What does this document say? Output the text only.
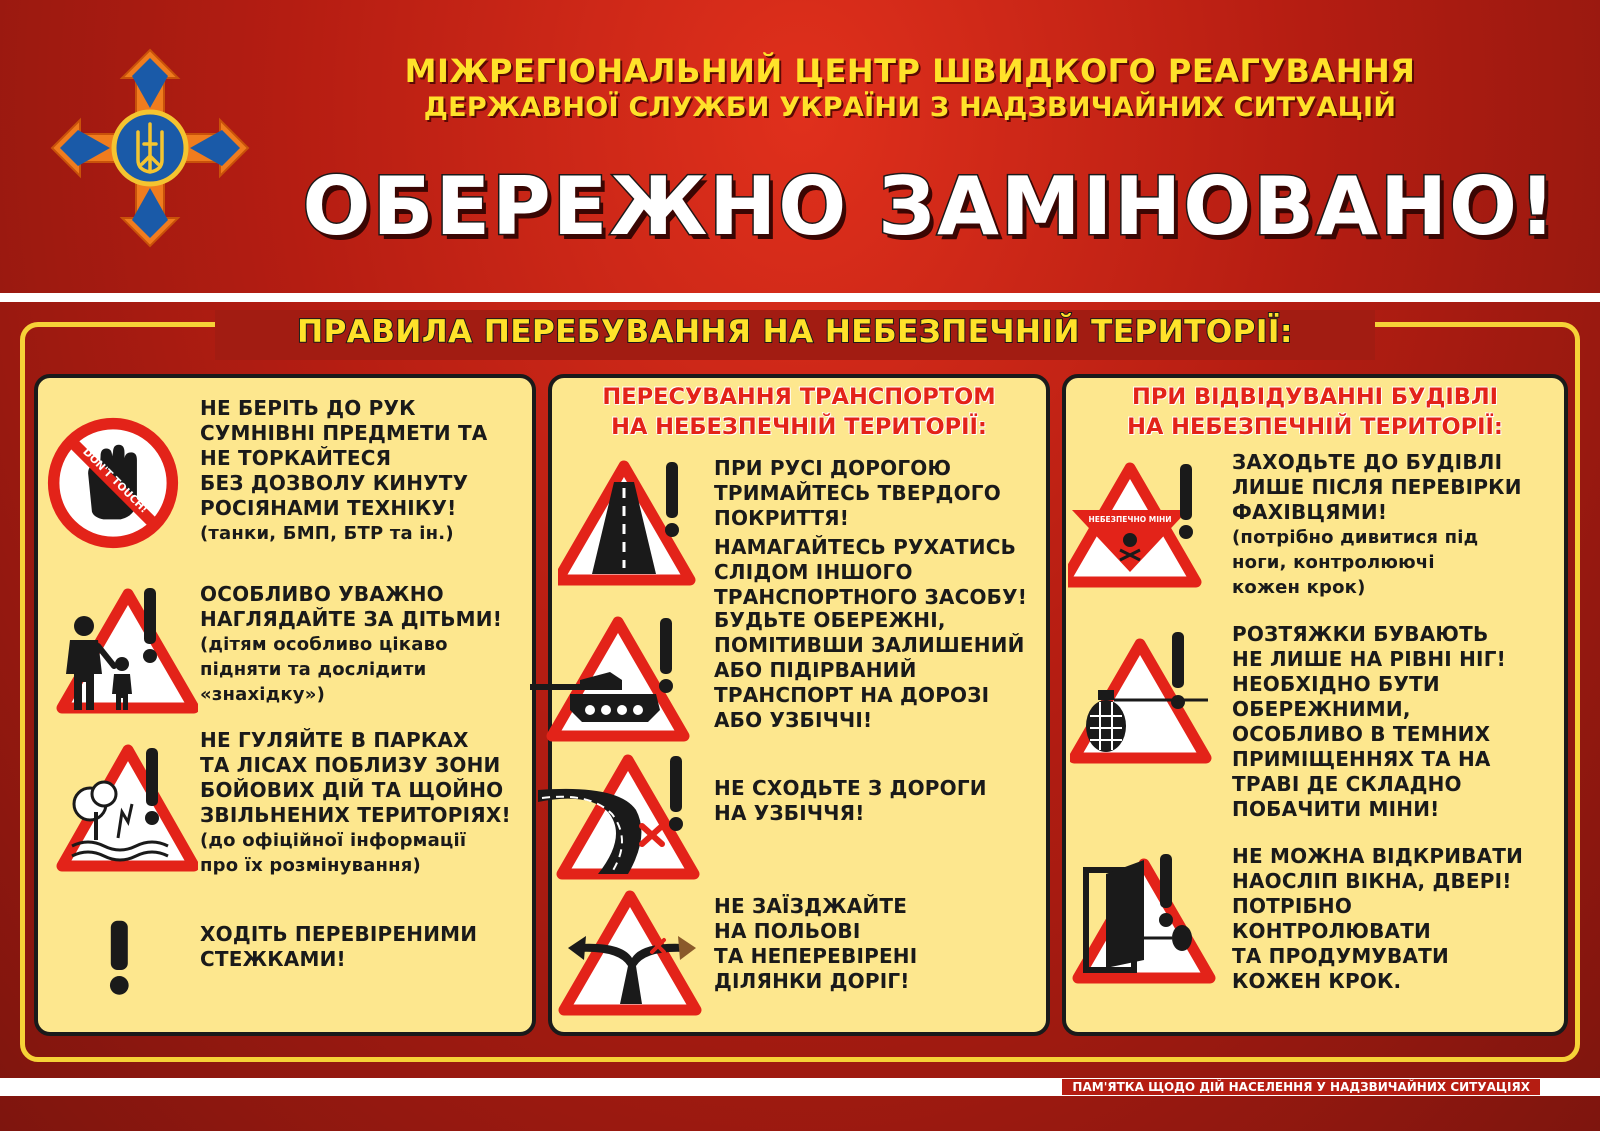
МІЖРЕГІОНАЛЬНИЙ ЦЕНТР ШВИДКОГО РЕАГУВАННЯ
ДЕРЖАВНОЇ СЛУЖБИ УКРАЇНИ З НАДЗВИЧАЙНИХ СИТУАЦІЙ
ОБЕРЕЖНО ЗАМІНОВАНО!
ПРАВИЛА ПЕРЕБУВАННЯ НА НЕБЕЗПЕЧНІЙ ТЕРИТОРІЇ:
DON'T TOUCH!
НЕ БЕРІТЬ ДО РУК
СУМНІВНІ ПРЕДМЕТИ ТА
НЕ ТОРКАЙТЕСЯ
БЕЗ ДОЗВОЛУ КИНУТУ
РОСІЯНАМИ ТЕХНІКУ!
(танки, БМП, БТР та ін.)
ОСОБЛИВО УВАЖНО
НАГЛЯДАЙТЕ ЗА ДІТЬМИ!
(дітям особливо цікаво
підняти та дослідити
«знахідку»)
НЕ ГУЛЯЙТЕ В ПАРКАХ
ТА ЛІСАХ ПОБЛИЗУ ЗОНИ
БОЙОВИХ ДІЙ ТА ЩОЙНО
ЗВІЛЬНЕНИХ ТЕРИТОРІЯХ!
(до офіційної інформації
про їх розмінування)
ХОДІТЬ ПЕРЕВІРЕНИМИ
СТЕЖКАМИ!
ПЕРЕСУВАННЯ ТРАНСПОРТОМ
НА НЕБЕЗПЕЧНІЙ ТЕРИТОРІЇ:
ПРИ РУСІ ДОРОГОЮ
ТРИМАЙТЕСЬ ТВЕРДОГО
ПОКРИТТЯ!
НАМАГАЙТЕСЬ РУХАТИСЬ
СЛІДОМ ІНШОГО
ТРАНСПОРТНОГО ЗАСОБУ!
БУДЬТЕ ОБЕРЕЖНІ,
ПОМІТИВШИ ЗАЛИШЕНИЙ
АБО ПІДІРВАНИЙ
ТРАНСПОРТ НА ДОРОЗІ
АБО УЗБІЧЧІ!
НЕ СХОДЬТЕ З ДОРОГИ
НА УЗБІЧЧЯ!
НЕ ЗАЇЗДЖАЙТЕ
НА ПОЛЬОВІ
ТА НЕПЕРЕВІРЕНІ
ДІЛЯНКИ ДОРІГ!
ПРИ ВІДВІДУВАННІ БУДІВЛІ
НА НЕБЕЗПЕЧНІЙ ТЕРИТОРІЇ:
НЕБЕЗПЕЧНО МІНИ
ЗАХОДЬТЕ ДО БУДІВЛІ
ЛИШЕ ПІСЛЯ ПЕРЕВІРКИ
ФАХІВЦЯМИ!
(потрібно дивитися під
ноги, контролюючі
кожен крок)
РОЗТЯЖКИ БУВАЮТЬ
НЕ ЛИШЕ НА РІВНІ НІГ!
НЕОБХІДНО БУТИ
ОБЕРЕЖНИМИ,
ОСОБЛИВО В ТЕМНИХ
ПРИМІЩЕННЯХ ТА НА
ТРАВІ ДЕ СКЛАДНО
ПОБАЧИТИ МІНИ!
НЕ МОЖНА ВІДКРИВАТИ
НАОСЛІП ВІКНА, ДВЕРІ!
ПОТРІБНО
КОНТРОЛЮВАТИ
ТА ПРОДУМУВАТИ
КОЖЕН КРОК.
ПАМ'ЯТКА ЩОДО ДІЙ НАСЕЛЕННЯ У НАДЗВИЧАЙНИХ СИТУАЦІЯХ
